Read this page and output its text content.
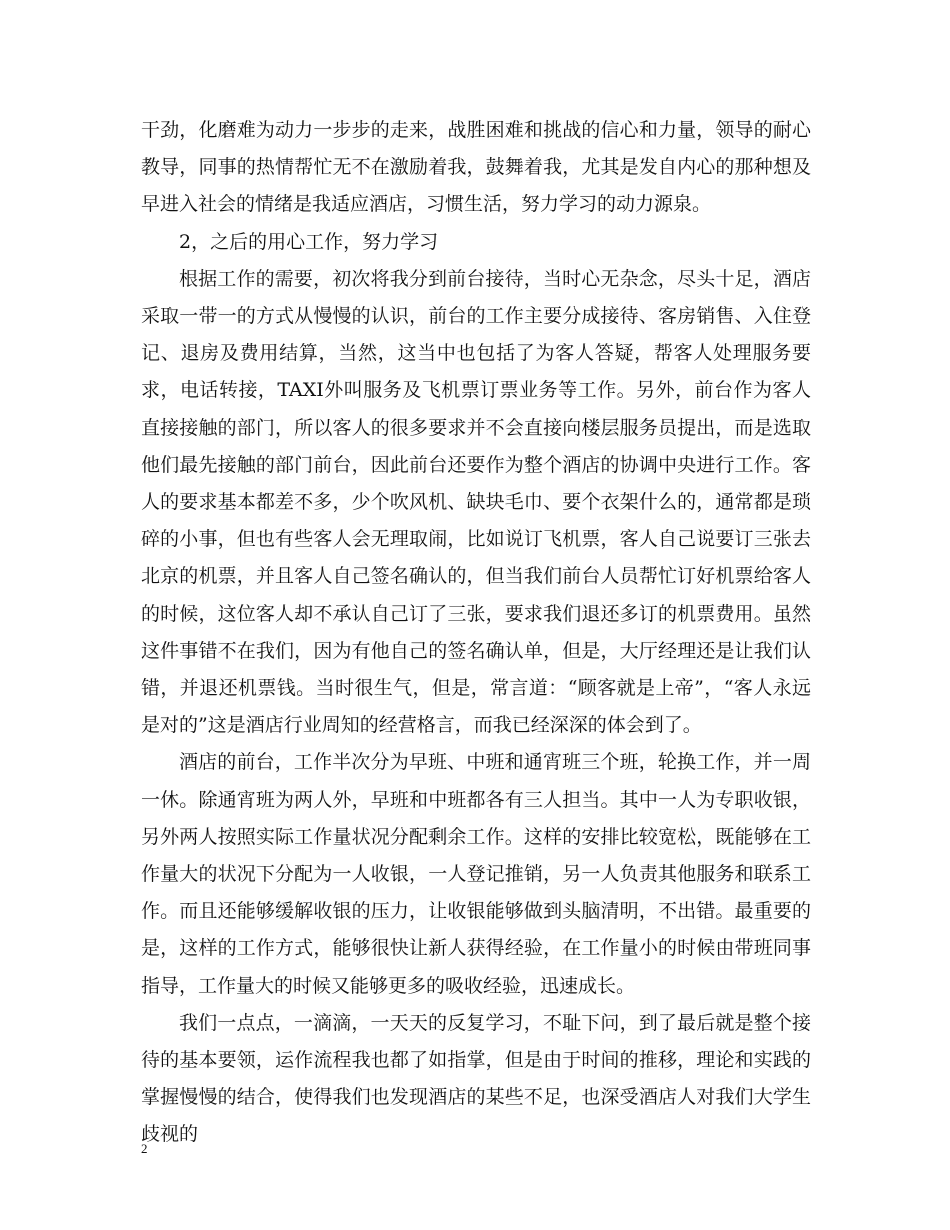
干劲，化磨难为动力一步步的走来，战胜困难和挑战的信心和力量，领导的耐心教导，同事的热情帮忙无不在激励着我，鼓舞着我，尤其是发自内心的那种想及早进入社会的情绪是我适应酒店，习惯生活，努力学习的动力源泉。

2，之后的用心工作，努力学习

根据工作的需要，初次将我分到前台接待，当时心无杂念，尽头十足，酒店采取一带一的方式从慢慢的认识，前台的工作主要分成接待、客房销售、入住登记、退房及费用结算，当然，这当中也包括了为客人答疑，帮客人处理服务要求，电话转接，TAXI外叫服务及飞机票订票业务等工作。另外，前台作为客人直接接触的部门，所以客人的很多要求并不会直接向楼层服务员提出，而是选取他们最先接触的部门前台，因此前台还要作为整个酒店的协调中央进行工作。客人的要求基本都差不多，少个吹风机、缺块毛巾、要个衣架什么的，通常都是琐碎的小事，但也有些客人会无理取闹，比如说订飞机票，客人自己说要订三张去北京的机票，并且客人自己签名确认的，但当我们前台人员帮忙订好机票给客人的时候，这位客人却不承认自己订了三张，要求我们退还多订的机票费用。虽然这件事错不在我们，因为有他自己的签名确认单，但是，大厅经理还是让我们认错，并退还机票钱。当时很生气，但是，常言道：“顾客就是上帝”，“客人永远是对的”这是酒店行业周知的经营格言，而我已经深深的体会到了。

酒店的前台，工作半次分为早班、中班和通宵班三个班，轮换工作，并一周一休。除通宵班为两人外，早班和中班都各有三人担当。其中一人为专职收银，另外两人按照实际工作量状况分配剩余工作。这样的安排比较宽松，既能够在工作量大的状况下分配为一人收银，一人登记推销，另一人负责其他服务和联系工作。而且还能够缓解收银的压力，让收银能够做到头脑清明，不出错。最重要的是，这样的工作方式，能够很快让新人获得经验，在工作量小的时候由带班同事指导，工作量大的时候又能够更多的吸收经验，迅速成长。

我们一点点，一滴滴，一天天的反复学习，不耻下问，到了最后就是整个接待的基本要领，运作流程我也都了如指掌，但是由于时间的推移，理论和实践的掌握慢慢的结合，使得我们也发现酒店的某些不足，也深受酒店人对我们大学生歧视的

2
